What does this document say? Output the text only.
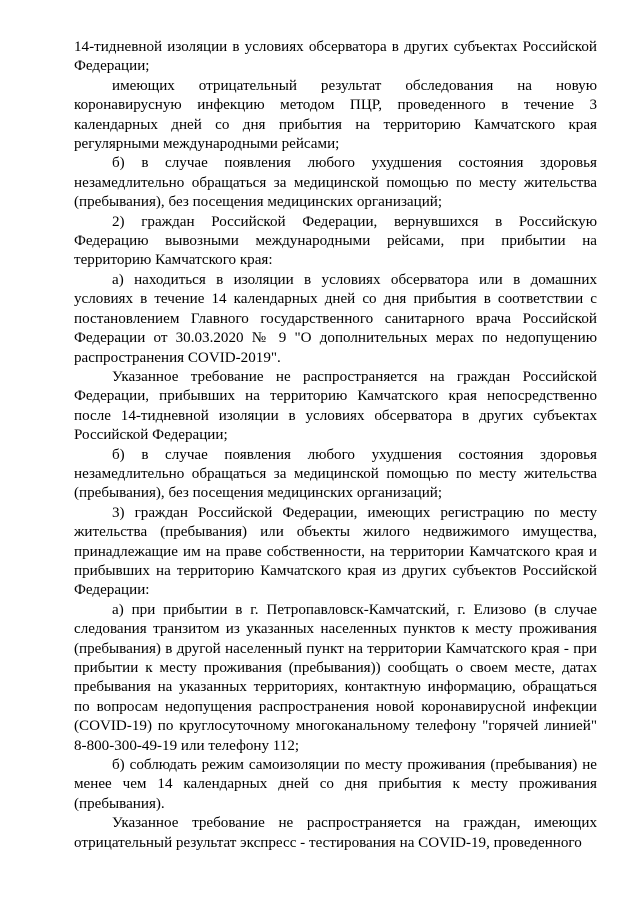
14-тидневной изоляции в условиях обсерватора в других субъектах Российской Федерации;

имеющих отрицательный результат обследования на новую коронавирусную инфекцию методом ПЦР, проведенного в течение 3 календарных дней со дня прибытия на территорию Камчатского края регулярными международными рейсами;

б) в случае появления любого ухудшения состояния здоровья незамедлительно обращаться за медицинской помощью по месту жительства (пребывания), без посещения медицинских организаций;

2) граждан Российской Федерации, вернувшихся в Российскую Федерацию вывозными международными рейсами, при прибытии на территорию Камчатского края:

а) находиться в изоляции в условиях обсерватора или в домашних условиях в течение 14 календарных дней со дня прибытия в соответствии с постановлением Главного государственного санитарного врача Российской Федерации от 30.03.2020 № 9 "О дополнительных мерах по недопущению распространения COVID-2019".

Указанное требование не распространяется на граждан Российской Федерации, прибывших на территорию Камчатского края непосредственно после 14-тидневной изоляции в условиях обсерватора в других субъектах Российской Федерации;

б) в случае появления любого ухудшения состояния здоровья незамедлительно обращаться за медицинской помощью по месту жительства (пребывания), без посещения медицинских организаций;

3) граждан Российской Федерации, имеющих регистрацию по месту жительства (пребывания) или объекты жилого недвижимого имущества, принадлежащие им на праве собственности, на территории Камчатского края и прибывших на территорию Камчатского края из других субъектов Российской Федерации:

а) при прибытии в г. Петропавловск-Камчатский, г. Елизово (в случае следования транзитом из указанных населенных пунктов к месту проживания (пребывания) в другой населенный пункт на территории Камчатского края - при прибытии к месту проживания (пребывания)) сообщать о своем месте, датах пребывания на указанных территориях, контактную информацию, обращаться по вопросам недопущения распространения новой коронавирусной инфекции (COVID-19) по круглосуточному многоканальному телефону "горячей линией" 8-800-300-49-19 или телефону 112;

б) соблюдать режим самоизоляции по месту проживания (пребывания) не менее чем 14 календарных дней со дня прибытия к месту проживания (пребывания).

Указанное требование не распространяется на граждан, имеющих отрицательный результат экспресс - тестирования на COVID-19, проведенного
